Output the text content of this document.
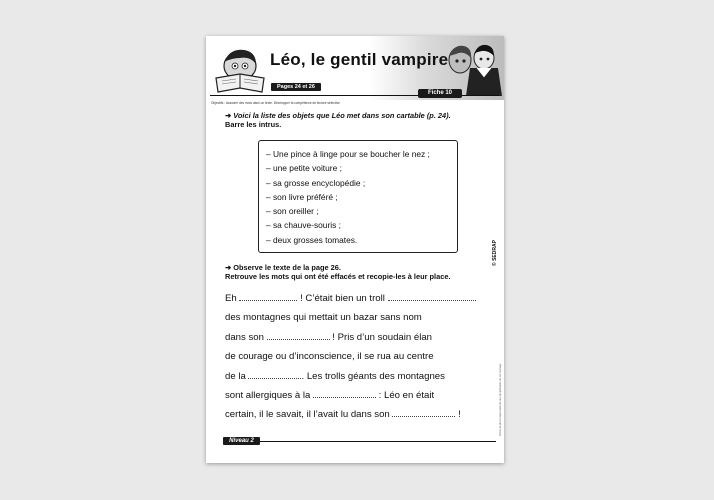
Léo, le gentil vampire
Pages 24 et 26
Fiche 10
Objectifs : Associer des mots dans un texte. Développer la compétence de lecture sélective.
➜ Voici la liste des objets que Léo met dans son cartable (p. 24).
Barre les intrus.
– Une pince à linge pour se boucher le nez ;
– une petite voiture ;
– sa grosse encyclopédie ;
– son livre préféré ;
– son oreiller ;
– sa chauve-souris ;
– deux grosses tomates.
➜ Observe le texte de la page 26.
Retrouve les mots qui ont été effacés et recopie-les à leur place.
Eh	! C’était bien un troll
des montagnes qui mettait un bazar sans nom
dans son	! Pris d’un soudain élan
de courage ou d’inconscience, il se rua au centre
de la	. Les trolls géants des montagnes
sont allergiques à la	: Léo en était
certain, il le savait, il l’avait lu dans son	!
© SEDRAP
Droits de photocopie réservés aux propriétaires de cet ouvrage
Niveau 2
